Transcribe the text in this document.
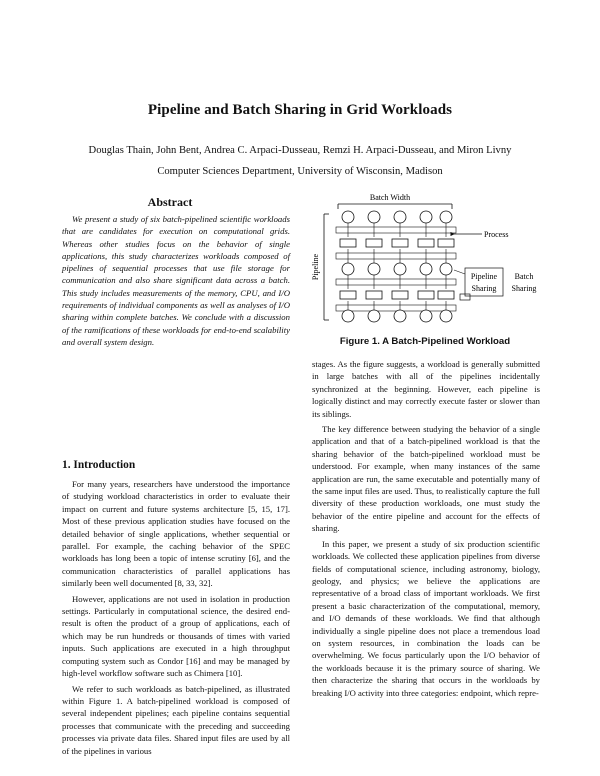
Pipeline and Batch Sharing in Grid Workloads
Douglas Thain, John Bent, Andrea C. Arpaci-Dusseau, Remzi H. Arpaci-Dusseau, and Miron Livny
Computer Sciences Department, University of Wisconsin, Madison
Abstract
We present a study of six batch-pipelined scientific workloads that are candidates for execution on computational grids. Whereas other studies focus on the behavior of single applications, this study characterizes workloads composed of pipelines of sequential processes that use file storage for communication and also share significant data across a batch. This study includes measurements of the memory, CPU, and I/O requirements of individual components as well as analyses of I/O sharing within complete batches. We conclude with a discussion of the ramifications of these workloads for end-to-end scalability and overall system design.
1. Introduction

For many years, researchers have understood the importance of studying workload characteristics in order to evaluate their impact on current and future systems architecture [5, 15, 17]. Most of these previous application studies have focused on the detailed behavior of single applications, whether sequential or parallel. For example, the caching behavior of the SPEC workloads has long been a topic of intense scrutiny [6], and the communication characteristics of parallel applications has similarly been well documented [8, 33, 32].

However, applications are not used in isolation in production settings. Particularly in computational science, the desired end-result is often the product of a group of applications, each of which may be run hundreds or thousands of times with varied inputs. Such applications are executed in a high throughput computing system such as Condor [16] and may be managed by high-level workflow software such as Chimera [10].

We refer to such workloads as batch-pipelined, as illustrated within Figure 1. A batch-pipelined workload is composed of several independent pipelines; each pipeline contains sequential processes that communicate with the preceding and succeeding processes via private data files. Shared input files are used by all of the pipelines in various

stages. As the figure suggests, a workload is generally submitted in large batches with all of the pipelines incidentally synchronized at the beginning. However, each pipeline is logically distinct and may correctly execute faster or slower than its siblings.

The key difference between studying the behavior of a single application and that of a batch-pipelined workload is that the sharing behavior of the batch-pipelined workload must be understood. For example, when many instances of the same application are run, the same executable and potentially many of the same input files are used. Thus, to realistically capture the full diversity of these production workloads, one must study the behavior of the entire pipeline and account for the effects of sharing.

In this paper, we present a study of six production scientific workloads. We collected these application pipelines from diverse fields of computational science, including astronomy, biology, geology, and physics; we believe the applications are representative of a broad class of important workloads. We first present a basic characterization of the computational, memory, and I/O demands of these workloads. We find that although individually a single pipeline does not place a tremendous load on system resources, in combination the loads can be overwhelming. We focus particularly upon the I/O behavior of the workloads because it is the primary source of sharing. We then characterize the sharing that occurs in the workloads by breaking I/O activity into three categories: endpoint, which repre-

Batch Width
Pipeline
Process
Pipeline
Sharing
Batch
Sharing
Figure 1. A Batch-Pipelined Workload
